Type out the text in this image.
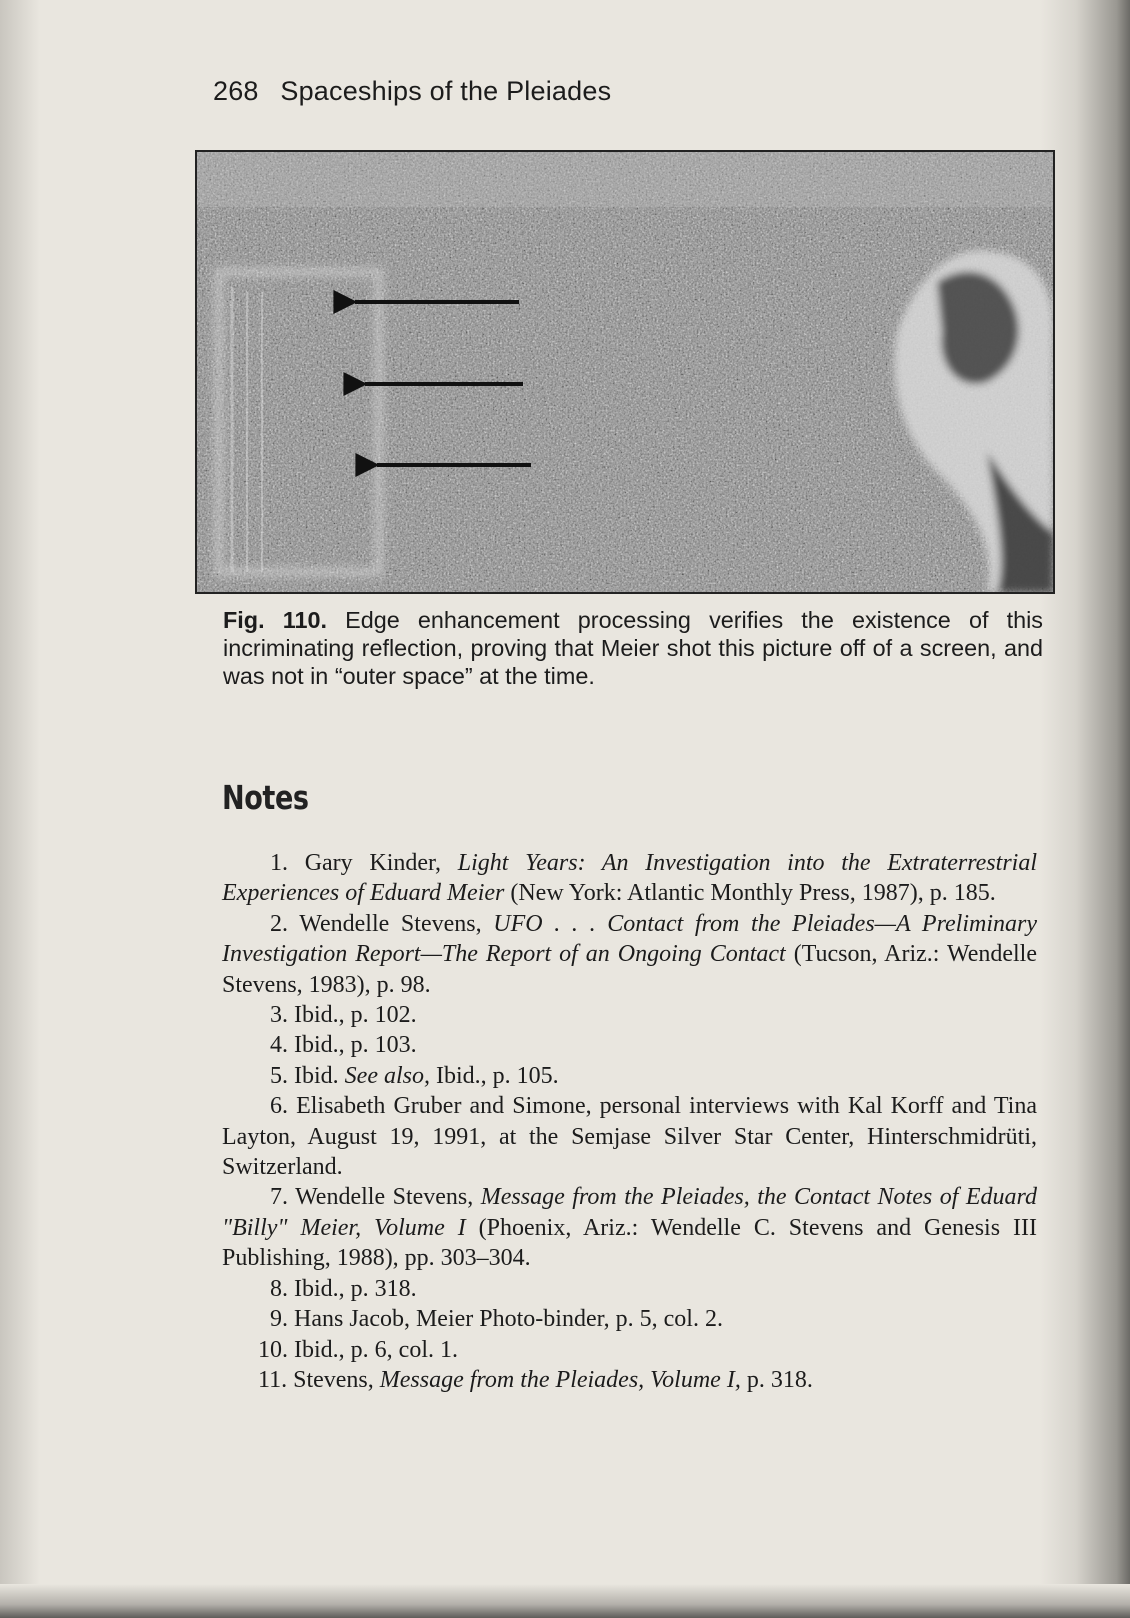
268 Spaceships of the Pleiades
Fig. 110. Edge enhancement processing verifies the existence of this incriminating reflection, proving that Meier shot this picture off of a screen, and was not in “outer space” at the time.
Notes
1. Gary Kinder, Light Years: An Investigation into the Extraterrestrial Experiences of Eduard Meier (New York: Atlantic Monthly Press, 1987), p. 185.
2. Wendelle Stevens, UFO . . . Contact from the Pleiades—A Preliminary Investigation Report—The Report of an Ongoing Contact (Tucson, Ariz.: Wendelle Stevens, 1983), p. 98.
3. Ibid., p. 102.
4. Ibid., p. 103.
5. Ibid. See also, Ibid., p. 105.
6. Elisabeth Gruber and Simone, personal interviews with Kal Korff and Tina Layton, August 19, 1991, at the Semjase Silver Star Center, Hinterschmidrüti, Switzerland.
7. Wendelle Stevens, Message from the Pleiades, the Contact Notes of Eduard "Billy" Meier, Volume I (Phoenix, Ariz.: Wendelle C. Stevens and Genesis III Publishing, 1988), pp. 303–304.
8. Ibid., p. 318.
9. Hans Jacob, Meier Photo-binder, p. 5, col. 2.
10. Ibid., p. 6, col. 1.
11. Stevens, Message from the Pleiades, Volume I, p. 318.
